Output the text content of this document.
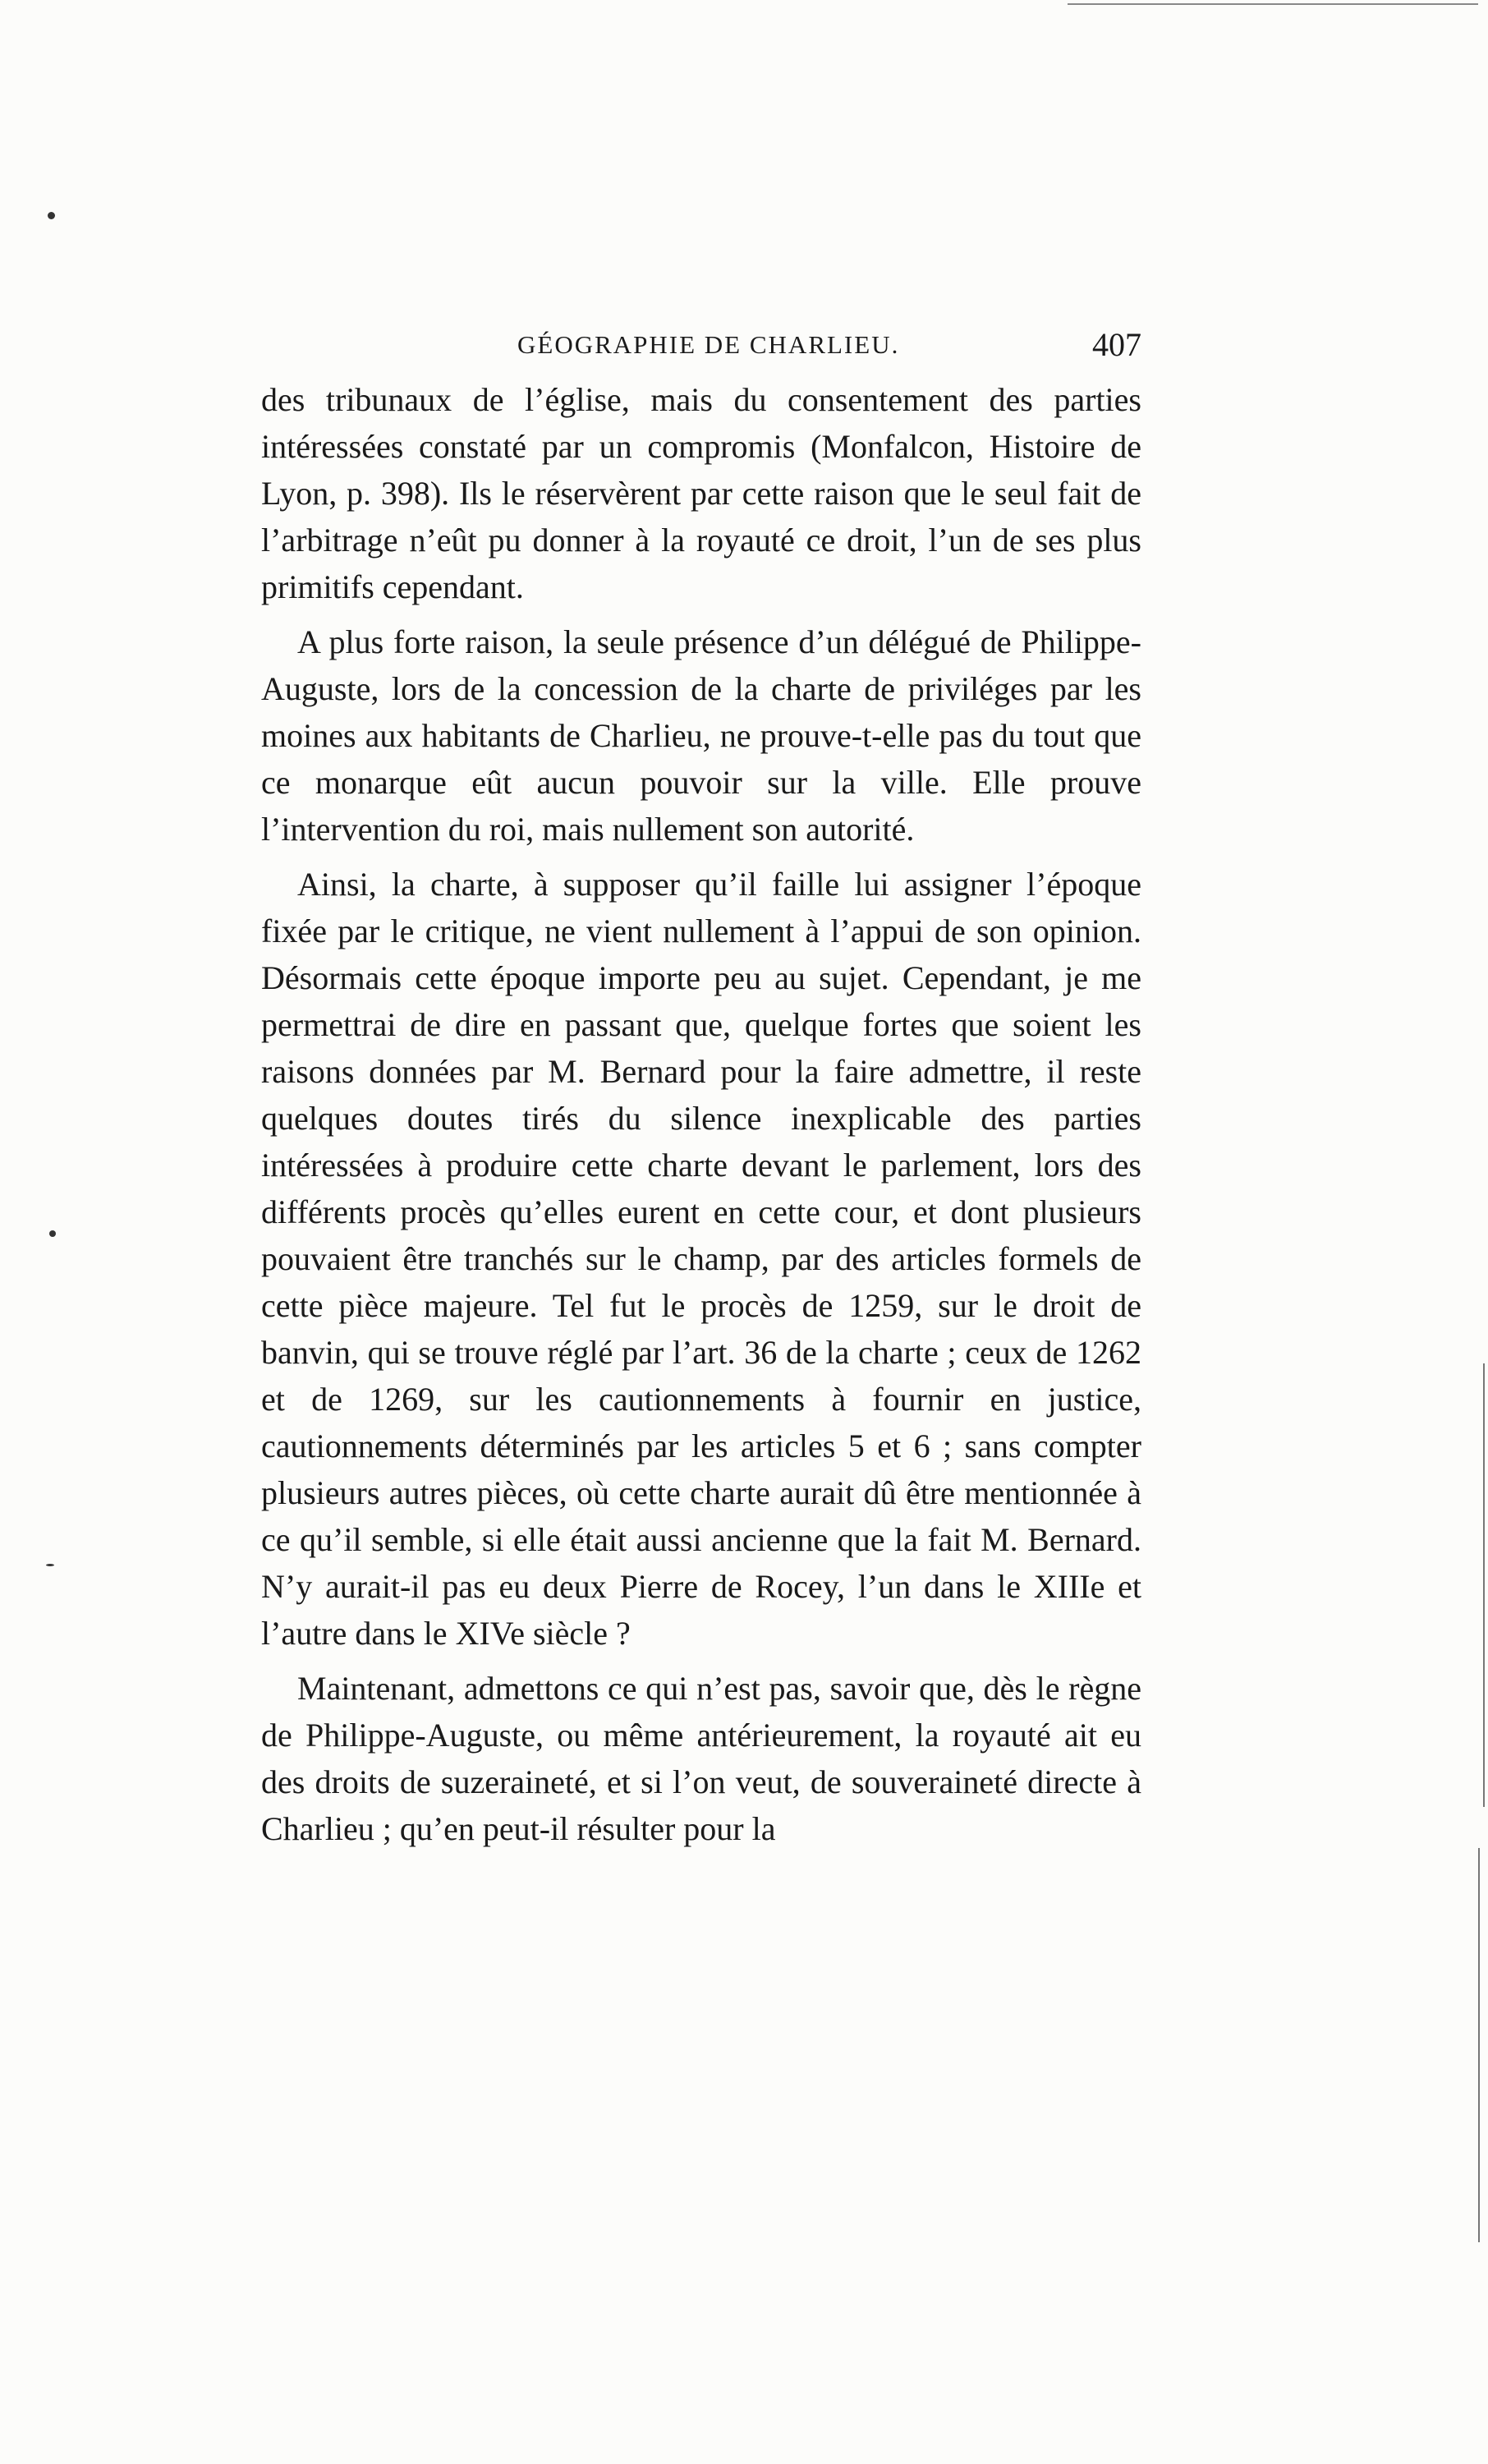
GÉOGRAPHIE DE CHARLIEU.	407

des tribunaux de l’église, mais du consentement des parties intéressées constaté par un compromis (Monfalcon, Histoire de Lyon, p. 398). Ils le réservèrent par cette raison que le seul fait de l’arbitrage n’eût pu donner à la royauté ce droit, l’un de ses plus primitifs cependant.

A plus forte raison, la seule présence d’un délégué de Philippe-Auguste, lors de la concession de la charte de priviléges par les moines aux habitants de Charlieu, ne prouve-t-elle pas du tout que ce monarque eût aucun pouvoir sur la ville. Elle prouve l’intervention du roi, mais nullement son autorité.

Ainsi, la charte, à supposer qu’il faille lui assigner l’époque fixée par le critique, ne vient nullement à l’appui de son opinion. Désormais cette époque importe peu au sujet. Cependant, je me permettrai de dire en passant que, quelque fortes que soient les raisons données par M. Bernard pour la faire admettre, il reste quelques doutes tirés du silence inexplicable des parties intéressées à produire cette charte devant le parlement, lors des différents procès qu’elles eurent en cette cour, et dont plusieurs pouvaient être tranchés sur le champ, par des articles formels de cette pièce majeure. Tel fut le procès de 1259, sur le droit de banvin, qui se trouve réglé par l’art. 36 de la charte ; ceux de 1262 et de 1269, sur les cautionnements à fournir en justice, cautionnements déterminés par les articles 5 et 6 ; sans compter plusieurs autres pièces, où cette charte aurait dû être mentionnée à ce qu’il semble, si elle était aussi ancienne que la fait M. Bernard. N’y aurait-il pas eu deux Pierre de Rocey, l’un dans le XIIIe et l’autre dans le XIVe siècle ?

Maintenant, admettons ce qui n’est pas, savoir que, dès le règne de Philippe-Auguste, ou même antérieurement, la royauté ait eu des droits de suzeraineté, et si l’on veut, de souveraineté directe à Charlieu ; qu’en peut-il résulter pour la
